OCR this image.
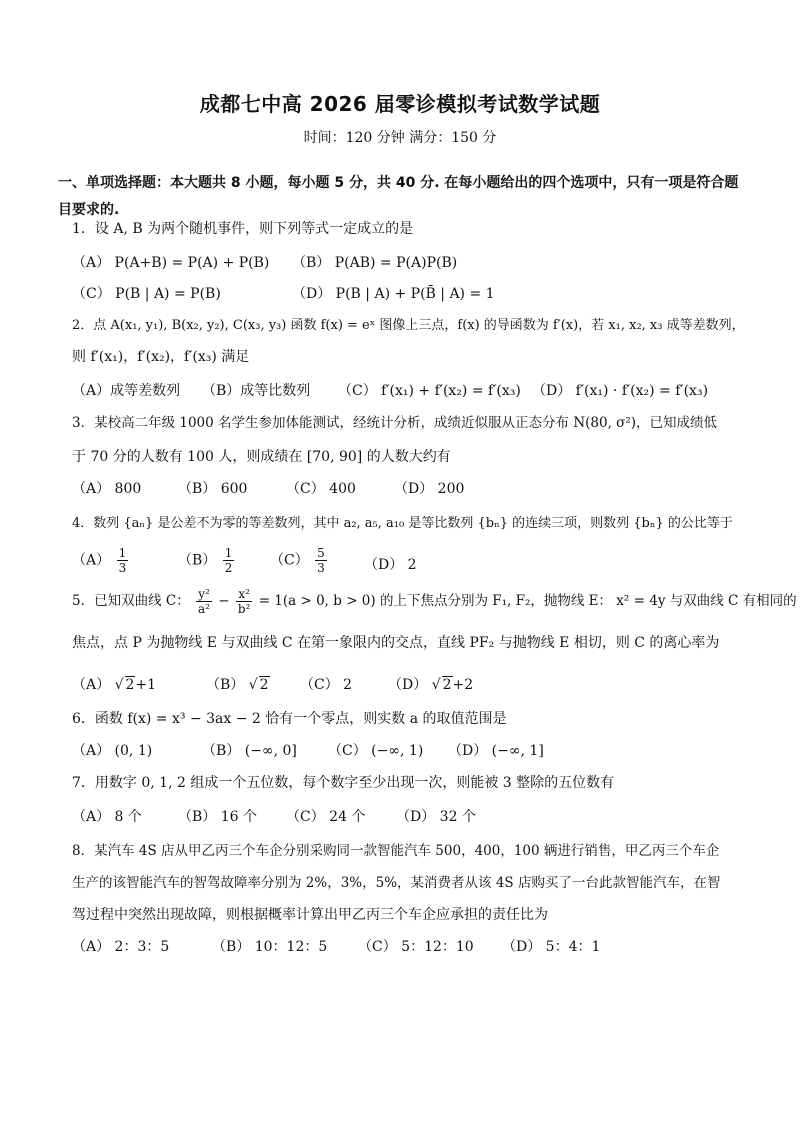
成都七中高 2026 届零诊模拟考试数学试题
时间：120 分钟 满分：150 分
一、单项选择题：本大题共 8 小题，每小题 5 分，共 40 分. 在每小题给出的四个选项中，只有一项是符合题目要求的.
1．设 A, B 为两个随机事件，则下列等式一定成立的是
（A） P(A+B) = P(A) + P(B) （B） P(AB) = P(A)P(B)
（C） P(B | A) = P(B)	（D） P(B | A) + P(B̄ | A) = 1
2．点 A(x₁, y₁), B(x₂, y₂), C(x₃, y₃) 函数 f(x) = eˣ 图像上三点，f(x) 的导函数为 f′(x)，若 x₁, x₂, x₃ 成等差数列，
则 f′(x₁)，f′(x₂)，f′(x₃) 满足
（A）成等差数列 （B）成等比数列 （C） f′(x₁) + f′(x₂) = f′(x₃) （D） f′(x₁) · f′(x₂) = f′(x₃)
3．某校高二年级 1000 名学生参加体能测试，经统计分析，成绩近似服从正态分布 N(80, σ²)，已知成绩低
于 70 分的人数有 100 人，则成绩在 [70, 90] 的人数大约有
（A） 800	（B） 600	（C） 400	（D） 200
4．数列 {aₙ} 是公差不为零的等差数列，其中 a₂, a₅, a₁₀ 是等比数列 {bₙ} 的连续三项，则数列 {bₙ} 的公比等于
$(A) \frac{1}{3}$	$(B) \frac{1}{2}$	$(C) \frac{5}{3}$	（D） 2
5．已知双曲线 C： $\frac{\text{y²}}{\text{a²}} - \frac{\text{x²}}{\text{b²}} = 1(a > 0$, b > 0) 的上下焦点分别为 F₁, F₂，抛物线 E： x² = 4y 与双曲线 C 有相同的
焦点，点 P 为抛物线 E 与双曲线 C 在第一象限内的交点，直线 PF₂ 与抛物线 E 相切，则 C 的离心率为
（A） √ 2+1	（B） √ 2 （C） 2	（D） √ 2+2
6．函数 f(x) = x³ − 3ax − 2 恰有一个零点，则实数 a 的取值范围是
（A） (0, 1)	（B） (−∞, 0] （C） (−∞, 1) （D） (−∞, 1]
7．用数字 0, 1, 2 组成一个五位数，每个数字至少出现一次，则能被 3 整除的五位数有
（A） 8 个	（B） 16 个 （C） 24 个 （D） 32 个
8．某汽车 4S 店从甲乙丙三个车企分别采购同一款智能汽车 500，400，100 辆进行销售，甲乙丙三个车企
生产的该智能汽车的智驾故障率分别为 2%，3%，5%，某消费者从该 4S 店购买了一台此款智能汽车，在智
驾过程中突然出现故障，则根据概率计算出甲乙丙三个车企应承担的责任比为
（A） 2：3：5	（B） 10：12：5 （C） 5：12：10 （D） 5：4：1
